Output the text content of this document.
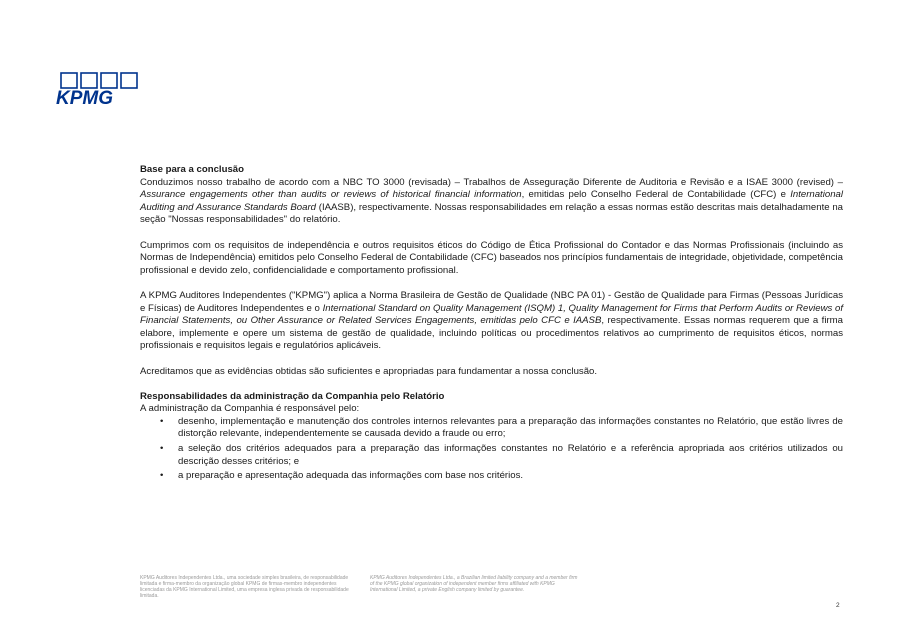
KPMG
Base para a conclusão

Conduzimos nosso trabalho de acordo com a NBC TO 3000 (revisada) – Trabalhos de Asseguração Diferente de Auditoria e Revisão e a ISAE 3000 (revised) – Assurance engagements other than audits or reviews of historical financial information, emitidas pelo Conselho Federal de Contabilidade (CFC) e International Auditing and Assurance Standards Board (IAASB), respectivamente. Nossas responsabilidades em relação a essas normas estão descritas mais detalhadamente na seção "Nossas responsabilidades" do relatório.

Cumprimos com os requisitos de independência e outros requisitos éticos do Código de Ética Profissional do Contador e das Normas Profissionais (incluindo as Normas de Independência) emitidos pelo Conselho Federal de Contabilidade (CFC) baseados nos princípios fundamentais de integridade, objetividade, competência profissional e devido zelo, confidencialidade e comportamento profissional.

A KPMG Auditores Independentes ("KPMG") aplica a Norma Brasileira de Gestão de Qualidade (NBC PA 01) - Gestão de Qualidade para Firmas (Pessoas Jurídicas e Físicas) de Auditores Independentes e o International Standard on Quality Management (ISQM) 1, Quality Management for Firms that Perform Audits or Reviews of Financial Statements, ou Other Assurance or Related Services Engagements, emitidas pelo CFC e IAASB, respectivamente. Essas normas requerem que a firma elabore, implemente e opere um sistema de gestão de qualidade, incluindo políticas ou procedimentos relativos ao cumprimento de requisitos éticos, normas profissionais e requisitos legais e regulatórios aplicáveis.

Acreditamos que as evidências obtidas são suficientes e apropriadas para fundamentar a nossa conclusão.

Responsabilidades da administração da Companhia pelo Relatório
A administração da Companhia é responsável pelo:
• desenho, implementação e manutenção dos controles internos relevantes para a preparação das informações constantes no Relatório, que estão livres de distorção relevante, independentemente se causada devido a fraude ou erro;
• a seleção dos critérios adequados para a preparação das informações constantes no Relatório e a referência apropriada aos critérios utilizados ou descrição desses critérios; e
• a preparação e apresentação adequada das informações com base nos critérios.
KPMG Auditores Independentes Ltda., uma sociedade simples brasileira, de responsabilidade limitada e firma-membro da organização global KPMG de firmas-membro independentes licenciadas da KPMG International Limited, uma empresa inglesa privada de responsabilidade limitada.
KPMG Auditores Independentes Ltda., a Brazilian limited liability company and a member firm of the KPMG global organization of independent member firms affiliated with KPMG International Limited, a private English company limited by guarantee.
2
